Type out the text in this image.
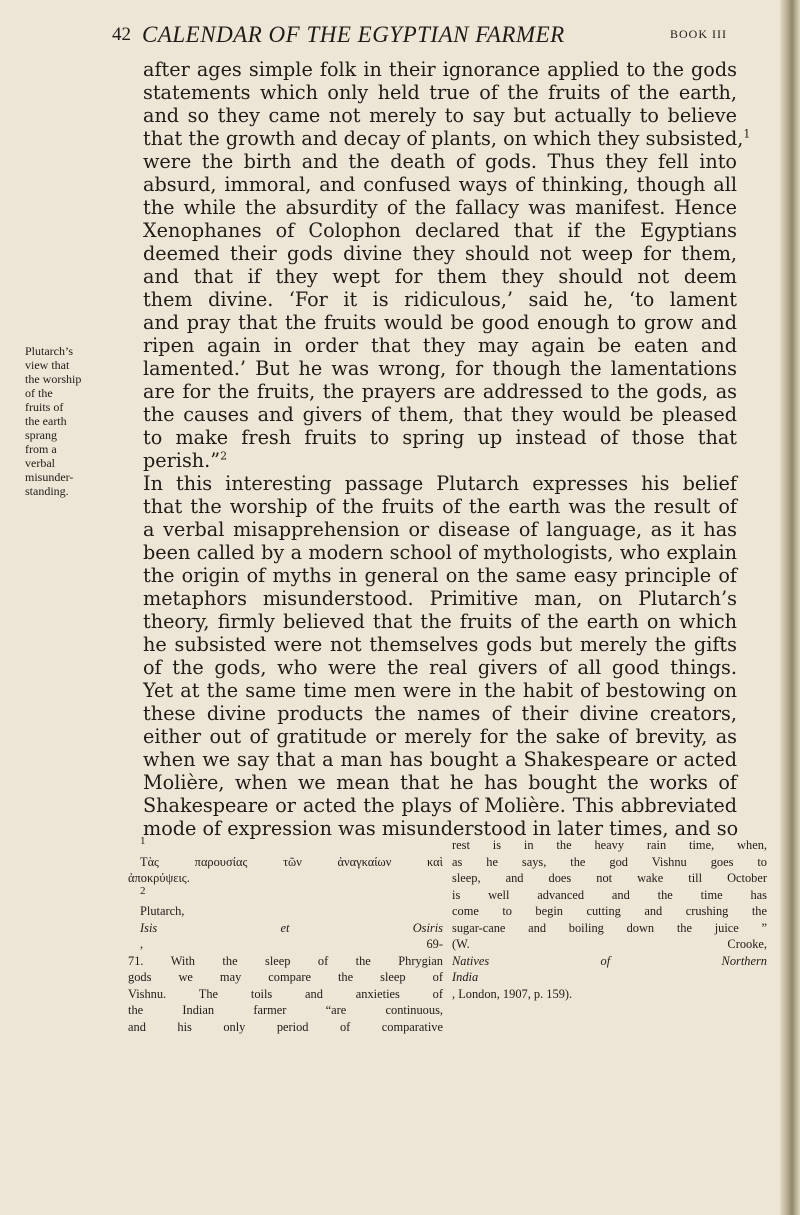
42 CALENDAR OF THE EGYPTIAN FARMER	BOOK III
after ages simple folk in their ignorance applied to the gods
statements which only held true of the fruits of the earth,
and so they came not merely to say but actually to believe
that the growth and decay of plants, on which they subsisted,$^1$
were the birth and the death of gods. Thus they fell into
absurd, immoral, and confused ways of thinking, though all
the while the absurdity of the fallacy was manifest. Hence
Xenophanes of Colophon declared that if the Egyptians
deemed their gods divine they should not weep for them,
and that if they wept for them they should not deem
them divine. ‘For it is ridiculous,’ said he, ‘to lament
and pray that the fruits would be good enough to grow and
ripen again in order that they may again be eaten and
lamented.’ But he was wrong, for though the lamentations
are for the fruits, the prayers are addressed to the gods, as
the causes and givers of them, that they would be pleased
to make fresh fruits to spring up instead of those that
perish.”$^2$
In this interesting passage Plutarch expresses his belief
that the worship of the fruits of the earth was the result of
a verbal misapprehension or disease of language, as it has
been called by a modern school of mythologists, who explain
the origin of myths in general on the same easy principle of
metaphors misunderstood. Primitive man, on Plutarch’s
theory, firmly believed that the fruits of the earth on which
he subsisted were not themselves gods but merely the gifts
of the gods, who were the real givers of all good things.
Yet at the same time men were in the habit of bestowing on
these divine products the names of their divine creators,
either out of gratitude or merely for the sake of brevity, as
when we say that a man has bought a Shakespeare or acted
Molière, when we mean that he has bought the works of
Shakespeare or acted the plays of Molière. This abbreviated
mode of expression was misunderstood in later times, and so
Plutarch’s
view that
the worship
of the
fruits of
the earth
sprang
from a
verbal
misunder-
standing.
$^1$
Τὰς παρουσίας τῶν ἀναγκαίων καὶ
ἀποκρύψεις.
$^2$
Plutarch,
Isis et Osiris
, 69-
71. With the sleep of the Phrygian
gods we may compare the sleep of
Vishnu. The toils and anxieties of
the Indian farmer “are continuous,
and his only period of comparative
rest is in the heavy rain time, when,
as he says, the god Vishnu goes to
sleep, and does not wake till October
is well advanced and the time has
come to begin cutting and crushing the
sugar-cane and boiling down the juice ”
(W. Crooke,
Natives of Northern
India
, London, 1907, p. 159).
